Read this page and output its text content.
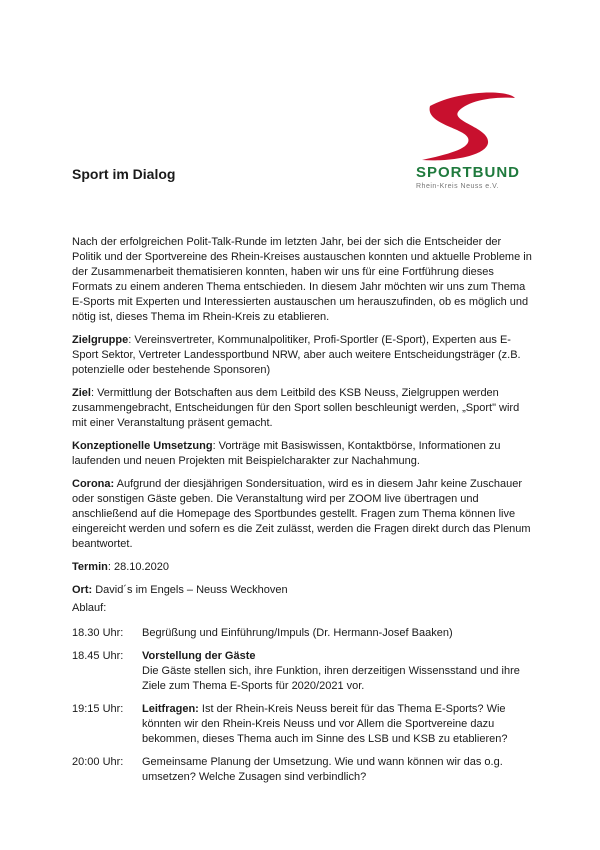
Sport im Dialog	SPORTBUND
Rhein-Kreis Neuss e.V.

Nach der erfolgreichen Polit-Talk-Runde im letzten Jahr, bei der sich die Entscheider der Politik und der Sportvereine des Rhein-Kreises austauschen konnten und aktuelle Probleme in der Zusammenarbeit thematisieren konnten, haben wir uns für eine Fortführung dieses Formats zu einem anderen Thema entschieden. In diesem Jahr möchten wir uns zum Thema E-Sports mit Experten und Interessierten austauschen um herauszufinden, ob es möglich und nötig ist, dieses Thema im Rhein-Kreis zu etablieren.

Zielgruppe: Vereinsvertreter, Kommunalpolitiker, Profi-Sportler (E-Sport), Experten aus E-Sport Sektor, Vertreter Landessportbund NRW, aber auch weitere Entscheidungsträger (z.B. potenzielle oder bestehende Sponsoren)

Ziel: Vermittlung der Botschaften aus dem Leitbild des KSB Neuss, Zielgruppen werden zusammengebracht, Entscheidungen für den Sport sollen beschleunigt werden, „Sport" wird mit einer Veranstaltung präsent gemacht.

Konzeptionelle Umsetzung: Vorträge mit Basiswissen, Kontaktbörse, Informationen zu laufenden und neuen Projekten mit Beispielcharakter zur Nachahmung.

Corona: Aufgrund der diesjährigen Sondersituation, wird es in diesem Jahr keine Zuschauer oder sonstigen Gäste geben. Die Veranstaltung wird per ZOOM live übertragen und anschließend auf die Homepage des Sportbundes gestellt. Fragen zum Thema können live eingereicht werden und sofern es die Zeit zulässt, werden die Fragen direkt durch das Plenum beantwortet.

Termin: 28.10.2020

Ort: David´s im Engels – Neuss Weckhoven

Ablauf:
18.30 Uhr:	Begrüßung und Einführung/Impuls (Dr. Hermann-Josef Baaken)
18.45 Uhr:	Vorstellung der Gäste
Die Gäste stellen sich, ihre Funktion, ihren derzeitigen Wissensstand und ihre Ziele zum Thema E-Sports für 2020/2021 vor.
19:15 Uhr:	Leitfragen: Ist der Rhein-Kreis Neuss bereit für das Thema E-Sports? Wie könnten wir den Rhein-Kreis Neuss und vor Allem die Sportvereine dazu bekommen, dieses Thema auch im Sinne des LSB und KSB zu etablieren?
20:00 Uhr:	Gemeinsame Planung der Umsetzung. Wie und wann können wir das o.g. umsetzen? Welche Zusagen sind verbindlich?
